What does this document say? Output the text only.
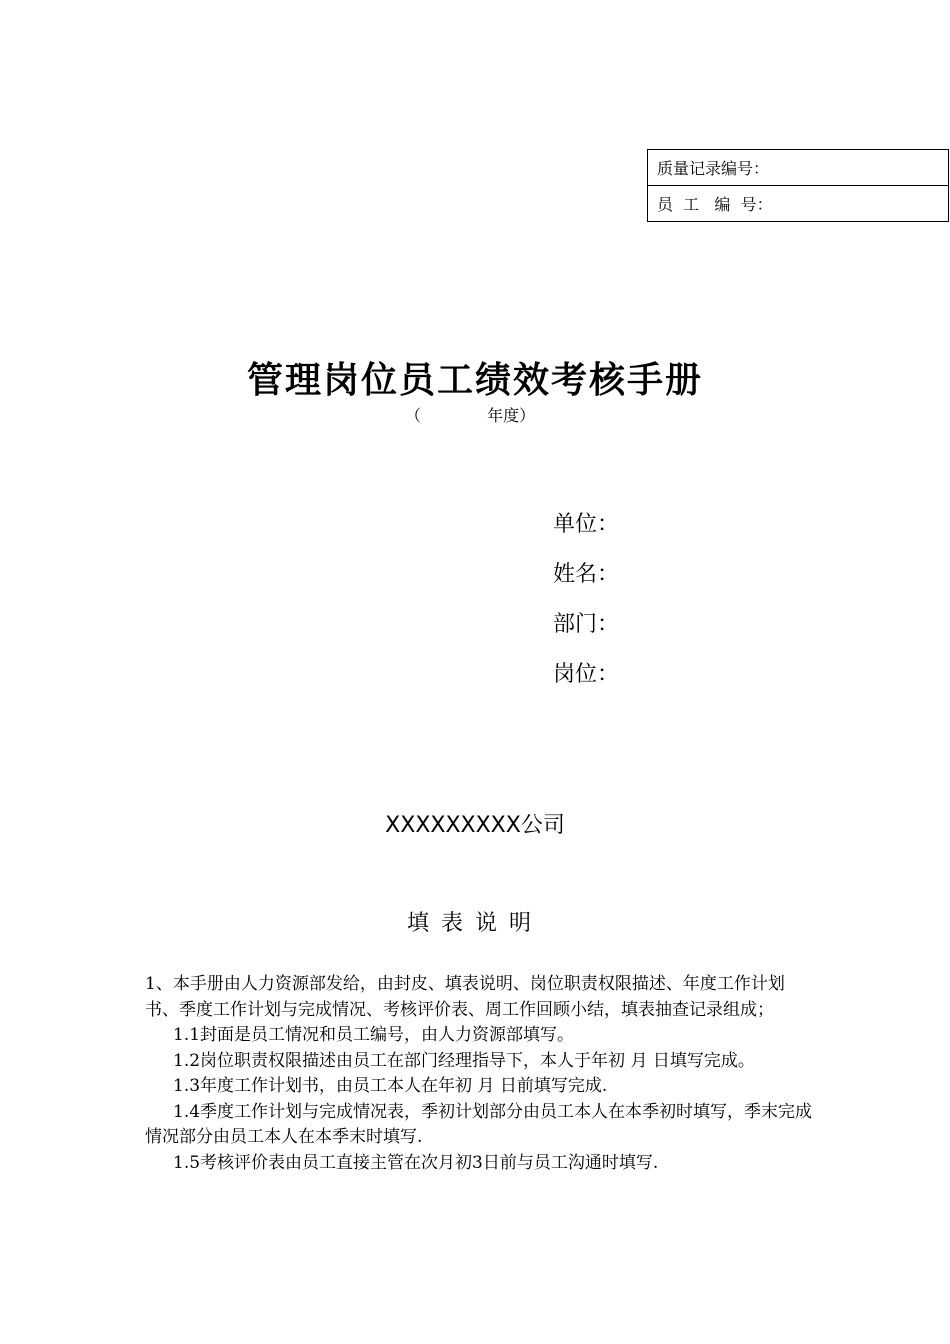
质量记录编号：
员  工   编  号：
管理岗位员工绩效考核手册
（             年度）
单位：
姓名：
部门：
岗位：
XXXXXXXXX公司
填表说明

1、本手册由人力资源部发给，由封皮、填表说明、岗位职责权限描述、年度工作计划书、季度工作计划与完成情况、考核评价表、周工作回顾小结，填表抽查记录组成；

1.1封面是员工情况和员工编号，由人力资源部填写。

1.2岗位职责权限描述由员工在部门经理指导下，本人于年初 月 日填写完成。

1.3年度工作计划书，由员工本人在年初 月 日前填写完成.

1.4季度工作计划与完成情况表，季初计划部分由员工本人在本季初时填写，季末完成情况部分由员工本人在本季末时填写.

1.5考核评价表由员工直接主管在次月初3日前与员工沟通时填写.
